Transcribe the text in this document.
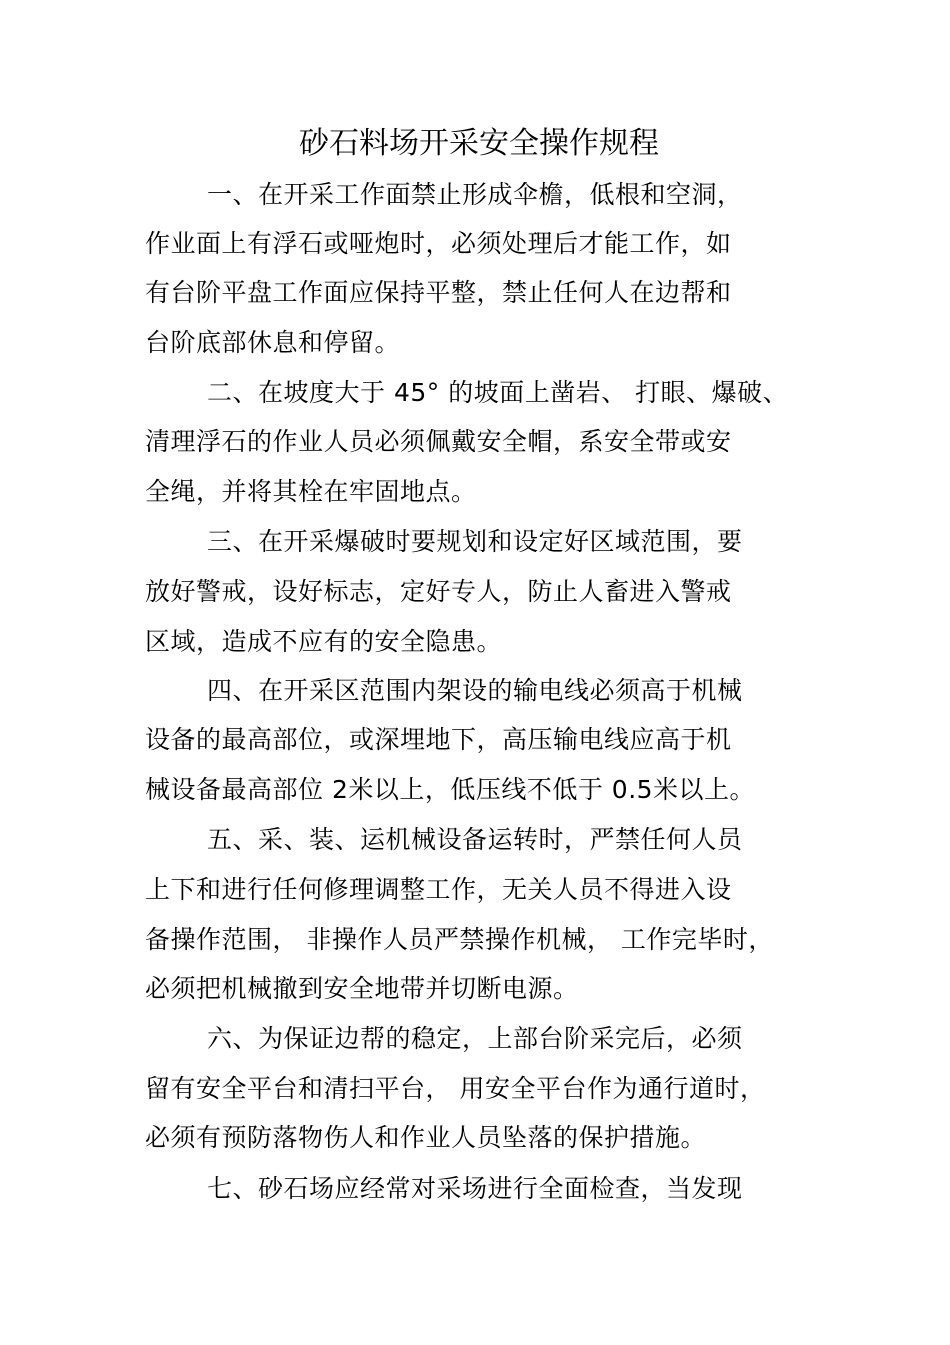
砂石料场开采安全操作规程
一、在开采工作面禁止形成伞檐，低根和空洞，
作业面上有浮石或哑炮时，必须处理后才能工作，如
有台阶平盘工作面应保持平整，禁止任何人在边帮和
台阶底部休息和停留。
二、在坡度大于 45° 的坡面上凿岩、 打眼、爆破、
清理浮石的作业人员必须佩戴安全帽，系安全带或安
全绳，并将其栓在牢固地点。
三、在开采爆破时要规划和设定好区域范围，要
放好警戒，设好标志，定好专人，防止人畜进入警戒
区域，造成不应有的安全隐患。
四、在开采区范围内架设的输电线必须高于机械
设备的最高部位，或深埋地下，高压输电线应高于机
械设备最高部位 2米以上，低压线不低于 0.5米以上。
五、采、装、运机械设备运转时，严禁任何人员
上下和进行任何修理调整工作，无关人员不得进入设
备操作范围， 非操作人员严禁操作机械， 工作完毕时，
必须把机械撤到安全地带并切断电源。
六、为保证边帮的稳定，上部台阶采完后，必须
留有安全平台和清扫平台， 用安全平台作为通行道时，
必须有预防落物伤人和作业人员坠落的保护措施。
七、砂石场应经常对采场进行全面检查，当发现
